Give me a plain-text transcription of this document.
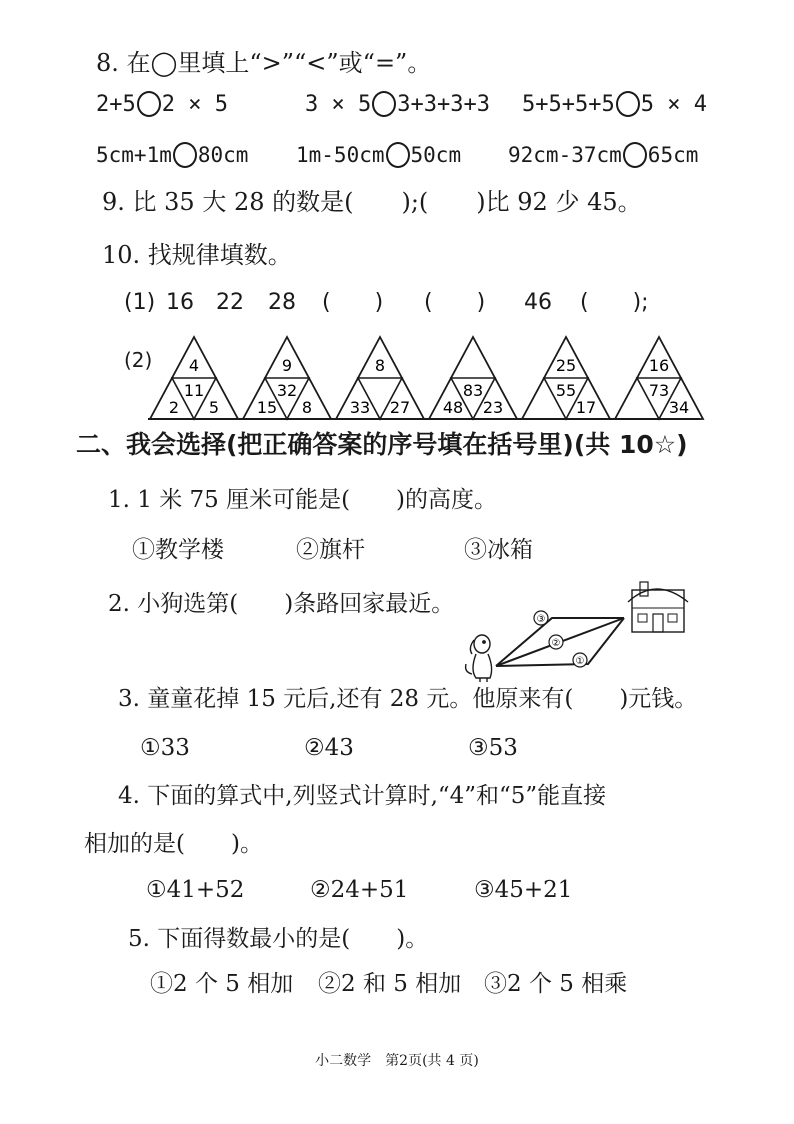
8. 在◯里填上“>”“<”或“=”。
2+5 2 × 5	3 × 5 3+3+3+3 5+5+5+5 5 × 4
5cm+1m 80cm 1m-50cm 50cm 92cm-37cm 65cm
9. 比 35 大 28 的数是(　　);(　　)比 92 少 45。
10. 找规律填数。
(1) 16 22 28 (　　) (　　) 46 (　　);
(2) 4
11
2 5
9
32
15 8
8
33 27
83
48 23
25
55
17
16
73
34
二、我会选择(把正确答案的序号填在括号里)(共 10☆)
1. 1 米 75 厘米可能是(　　)的高度。
①教学楼	②旗杆	③冰箱
2. 小狗选第(　　)条路回家最近。
③
②
①
3. 童童花掉 15 元后,还有 28 元。他原来有(　　)元钱。
①33	②43	③53
4. 下面的算式中,列竖式计算时,“4”和“5”能直接
相加的是(　　)。
①41+52	②24+51	③45+21
5. 下面得数最小的是(　　)。
①2 个 5 相加 ②2 和 5 相加 ③2 个 5 相乘
小二数学　第2页(共 4 页)
